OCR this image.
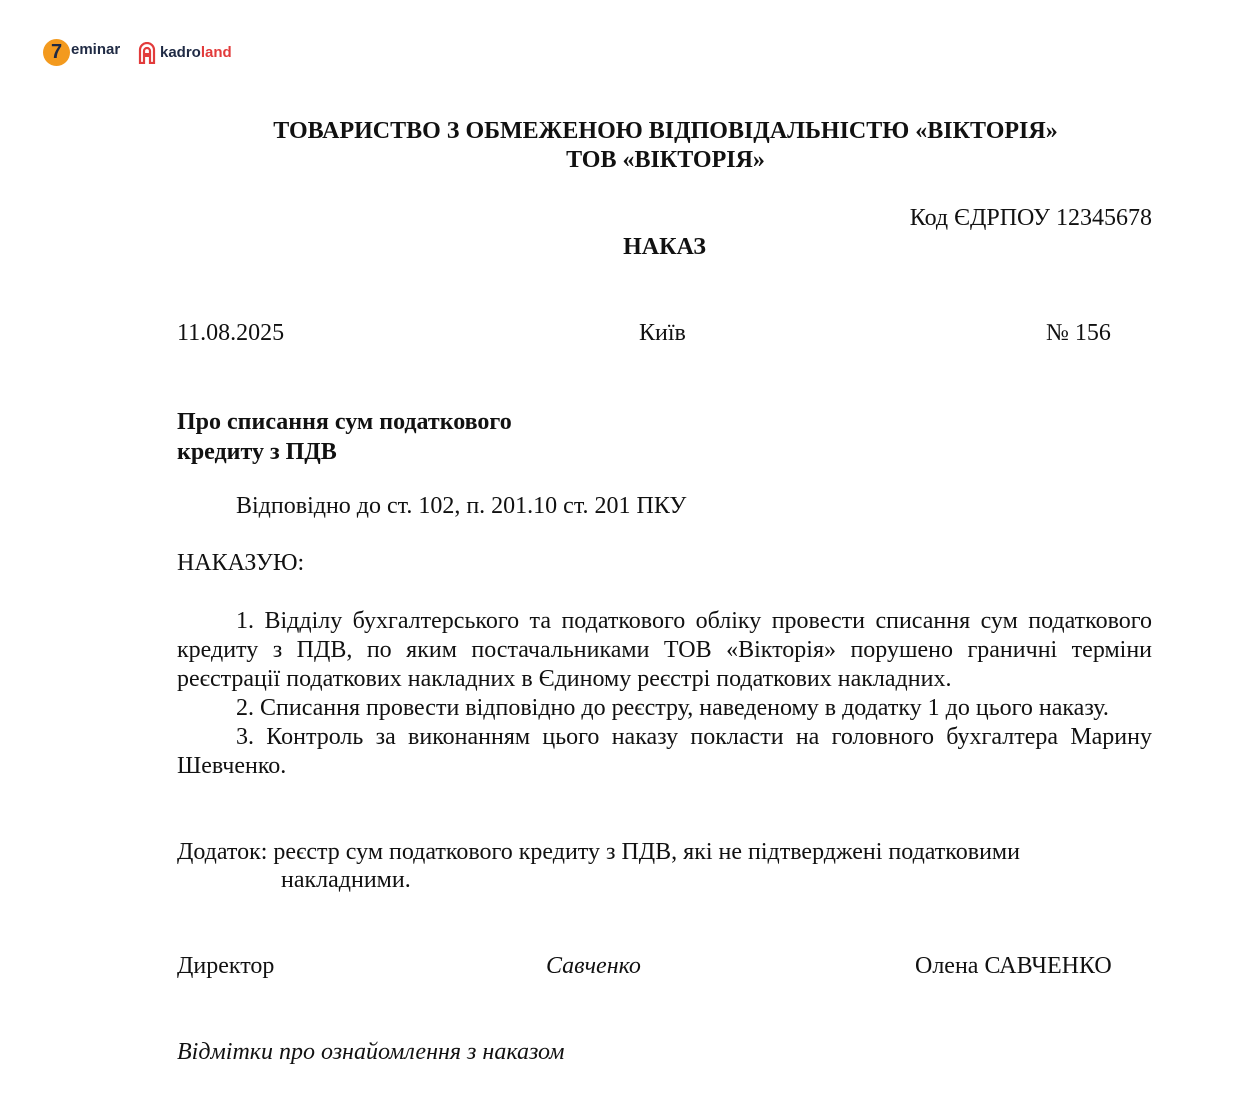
7 eminar	kadroland
ТОВАРИСТВО З ОБМЕЖЕНОЮ ВІДПОВІДАЛЬНІСТЮ «ВІКТОРІЯ»
ТОВ «ВІКТОРІЯ»
Код ЄДРПОУ 12345678
НАКАЗ
11.08.2025	Київ	№ 156
Про списання сум податкового
кредиту з ПДВ
Відповідно до ст. 102, п. 201.10 ст. 201 ПКУ
НАКАЗУЮ:

1. Відділу бухгалтерського та податкового обліку провести списання сум податкового кредиту з ПДВ, по яким постачальниками ТОВ «Вікторія» порушено граничні терміни реєстрації податкових накладних в Єдиному реєстрі податкових накладних.

2. Списання провести відповідно до реєстру, наведеному в додатку 1 до цього наказу.

3. Контроль за виконанням цього наказу покласти на головного бухгалтера Марину Шевченко.

Додаток: реєстр сум податкового кредиту з ПДВ, які не підтверджені податковими
накладними.
Директор	Савченко	Олена САВЧЕНКО
Відмітки про ознайомлення з наказом
